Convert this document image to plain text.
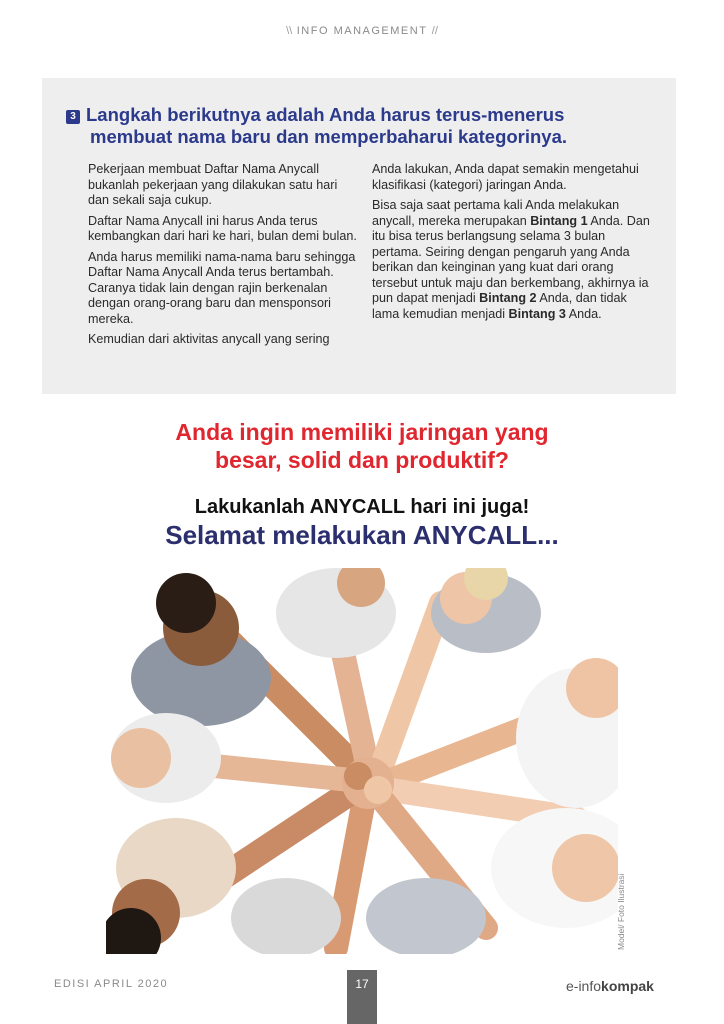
\\ INFO MANAGEMENT //
3 Langkah berikutnya adalah Anda harus terus-menerus
membuat nama baru dan memperbaharui kategorinya.

Pekerjaan membuat Daftar Nama Anycall bukanlah pekerjaan yang dilakukan satu hari dan sekali saja cukup.

Daftar Nama Anycall ini harus Anda terus kembangkan dari hari ke hari, bulan demi bulan.

Anda harus memiliki nama-nama baru sehingga Daftar Nama Anycall Anda terus bertambah. Caranya tidak lain dengan rajin berkenalan dengan orang-orang baru dan mensponsori mereka.

Kemudian dari aktivitas anycall yang sering

Anda lakukan, Anda dapat semakin mengetahui klasifikasi (kategori) jaringan Anda.

Bisa saja saat pertama kali Anda melakukan anycall, mereka merupakan Bintang 1 Anda. Dan itu bisa terus berlangsung selama 3 bulan pertama. Seiring dengan pengaruh yang Anda berikan dan keinginan yang kuat dari orang tersebut untuk maju dan berkembang, akhirnya ia pun dapat menjadi Bintang 2 Anda, dan tidak lama kemudian menjadi Bintang 3 Anda.

Anda ingin memiliki jaringan yang
besar, solid dan produktif?
Lakukanlah ANYCALL hari ini juga!
Selamat melakukan ANYCALL...
Model/ Foto Ilustrasi
EDISI APRIL 2020	17	e-infokompak
